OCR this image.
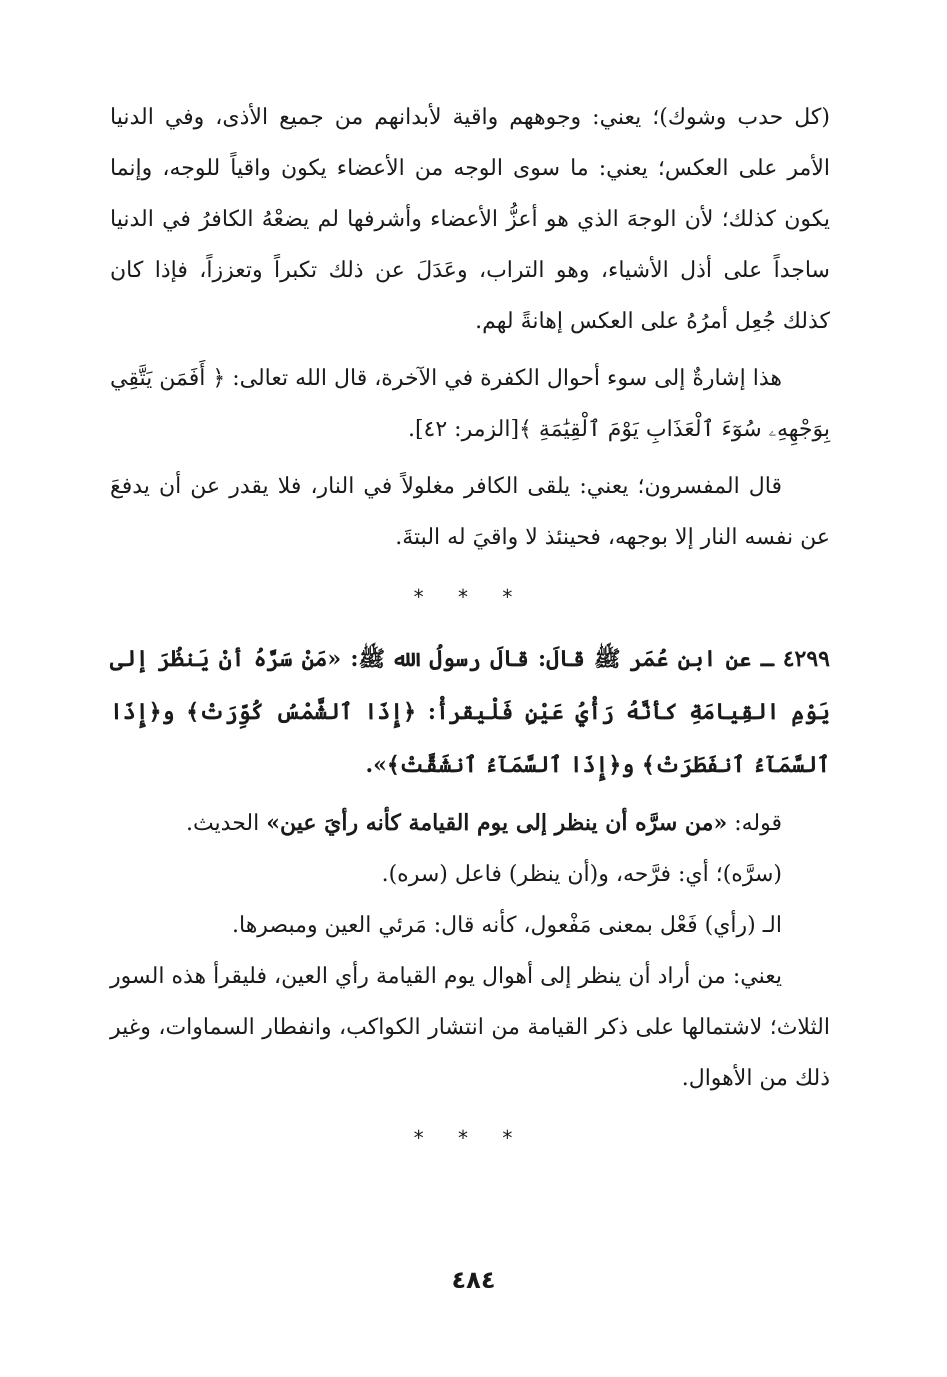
(كل حدب وشوك)؛ يعني: وجوههم واقية لأبدانهم من جميع الأذى، وفي الدنيا الأمر على العكس؛ يعني: ما سوى الوجه من الأعضاء يكون واقياً للوجه، وإنما يكون كذلك؛ لأن الوجهَ الذي هو أعزُّ الأعضاء وأشرفها لم يضعْهُ الكافرُ في الدنيا ساجداً على أذل الأشياء، وهو التراب، وعَدَلَ عن ذلك تكبراً وتعززاً، فإذا كان كذلك جُعِل أمرُهُ على العكس إهانةً لهم.

هذا إشارةٌ إلى سوء أحوال الكفرة في الآخرة، قال الله تعالى: ﴿ أَفَمَن يَتَّقِي بِوَجْهِهِۦ سُوٓءَ ٱلْعَذَابِ يَوْمَ ٱلْقِيَٰمَةِ ﴾[الزمر: ٤٢].

قال المفسرون؛ يعني: يلقى الكافر مغلولاً في النار، فلا يقدر عن أن يدفعَ عن نفسه النار إلا بوجهه، فحينئذ لا واقيَ له البتةَ.

* * *

٤٢٩٩ ـ عن ابن عُمَر ﷺ قالَ: قالَ رسولُ الله ﷺ: «مَنْ سَرَّهُ أنْ يَنظُرَ إلى يَوْمِ القِيامَةِ كأنَّهُ رَأْيُ عَيْنٍ فَلْيقرأْ: ﴿إِذَا ٱلشَّمْسُ كُوِّرَتْ﴾ و﴿إِذَا ٱلسَّمَآءُ ٱنفَطَرَتْ﴾ و﴿إِذَا ٱلسَّمَآءُ ٱنشَقَّتْ﴾».

قوله: «من سرَّه أن ينظر إلى يوم القيامة كأنه رأيَ عين» الحديث.

(سرَّه)؛ أي: فرَّحه، و(أن ينظر) فاعل (سره).

الـ (رأي) فَعْل بمعنى مَفْعول، كأنه قال: مَرئي العين ومبصرها.

يعني: من أراد أن ينظر إلى أهوال يوم القيامة رأي العين، فليقرأ هذه السور الثلاث؛ لاشتمالها على ذكر القيامة من انتشار الكواكب، وانفطار السماوات، وغير ذلك من الأهوال.

* * *
٤٨٤
